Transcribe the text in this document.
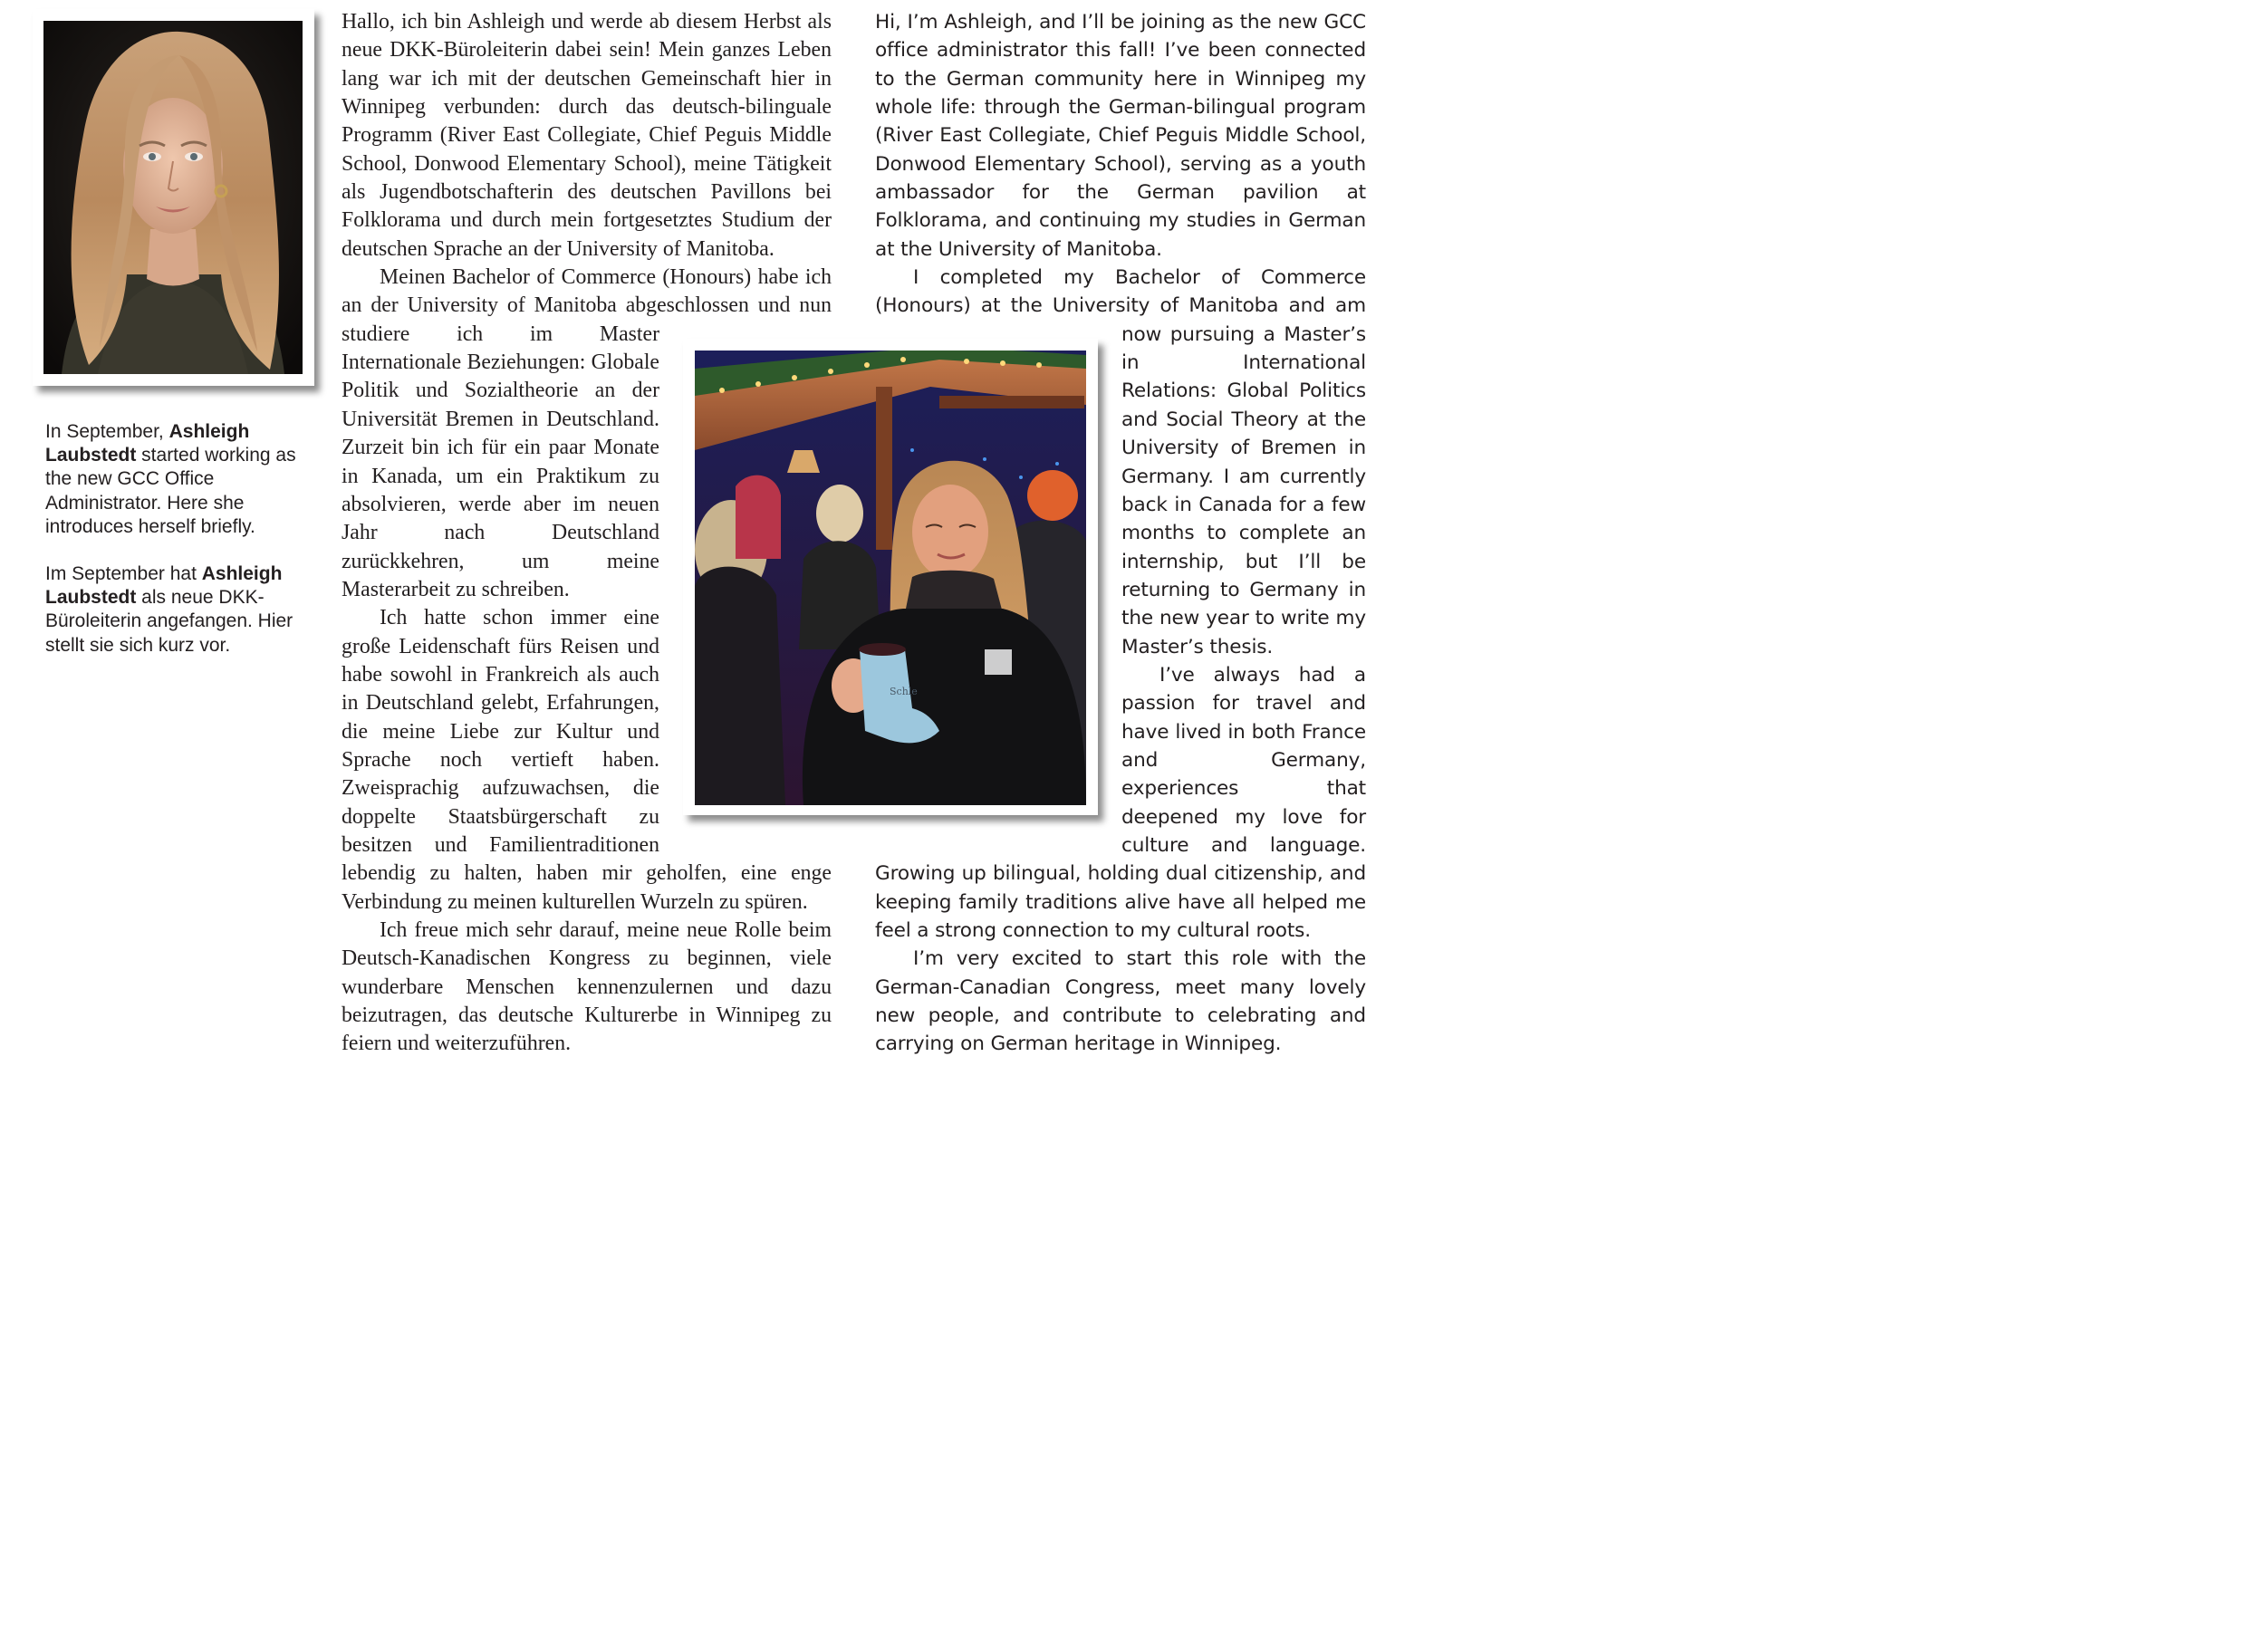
In September, Ashleigh Laubstedt started working as the new GCC Office Administrator. Here she introduces herself briefly.

Im September hat Ashleigh Laubstedt als neue DKK-Büroleiterin angefangen. Hier stellt sie sich kurz vor.

Hallo, ich bin Ashleigh und werde ab diesem Herbst als neue DKK-Büroleiterin dabei sein! Mein ganzes Leben lang war ich mit der deutschen Gemeinschaft hier in Winnipeg verbunden: durch das deutsch-bilinguale Programm (River East Collegiate, Chief Peguis Middle School, Donwood Elementary School), meine Tätigkeit als Jugendbotschafterin des deutschen Pavillons bei Folklorama und durch mein fortgesetztes Studium der deutschen Sprache an der University of Manitoba.

Meinen Bachelor of Commerce (Honours) habe ich an der University of Manitoba abgeschlossen und nun studiere ich im Master Internationale Beziehungen: Globale Politik und Sozialtheorie an der Universität Bremen in Deutschland. Zurzeit bin ich für ein paar Monate in Kanada, um ein Praktikum zu absolvieren, werde aber im neuen Jahr nach Deutschland zurückkehren, um meine Masterarbeit zu schreiben.

Ich hatte schon immer eine große Leidenschaft fürs Reisen und habe sowohl in Frankreich als auch in Deutschland gelebt, Erfahrungen, die meine Liebe zur Kultur und Sprache noch vertieft haben. Zweisprachig aufzuwachsen, die doppelte Staatsbürgerschaft zu besitzen und Familientraditionen lebendig zu halten, haben mir geholfen, eine enge Verbindung zu meinen kulturellen Wurzeln zu spüren.

Ich freue mich sehr darauf, meine neue Rolle beim Deutsch-Kanadischen Kongress zu beginnen, viele wunderbare Menschen kennenzulernen und dazu beizutragen, das deutsche Kulturerbe in Winnipeg zu feiern und weiterzuführen.

Hi, I’m Ashleigh, and I’ll be joining as the new GCC office administrator this fall! I’ve been connected to the German community here in Winnipeg my whole life: through the German-bilingual program (River East Collegiate, Chief Peguis Middle School, Donwood Elementary School), serving as a youth ambassador for the German pavilion at Folklorama, and continuing my studies in German at the University of Manitoba.

I completed my Bachelor of Commerce (Honours) at the University of Manitoba and am now pursuing a Master’s in International Relations: Global Politics and Social Theory at the University of Bremen in Germany. I am currently back in Canada for a few months to complete an internship, but I’ll be returning to Germany in the new year to write my Master’s thesis.

I’ve always had a passion for travel and have lived in both France and Germany, experiences that deepened my love for culture and language. Growing up bilingual, holding dual citizenship, and keeping family traditions alive have all helped me feel a strong connection to my cultural roots.

I’m very excited to start this role with the German-Canadian Congress, meet many lovely new people, and contribute to celebrating and carrying on German heritage in Winnipeg.

Schle
